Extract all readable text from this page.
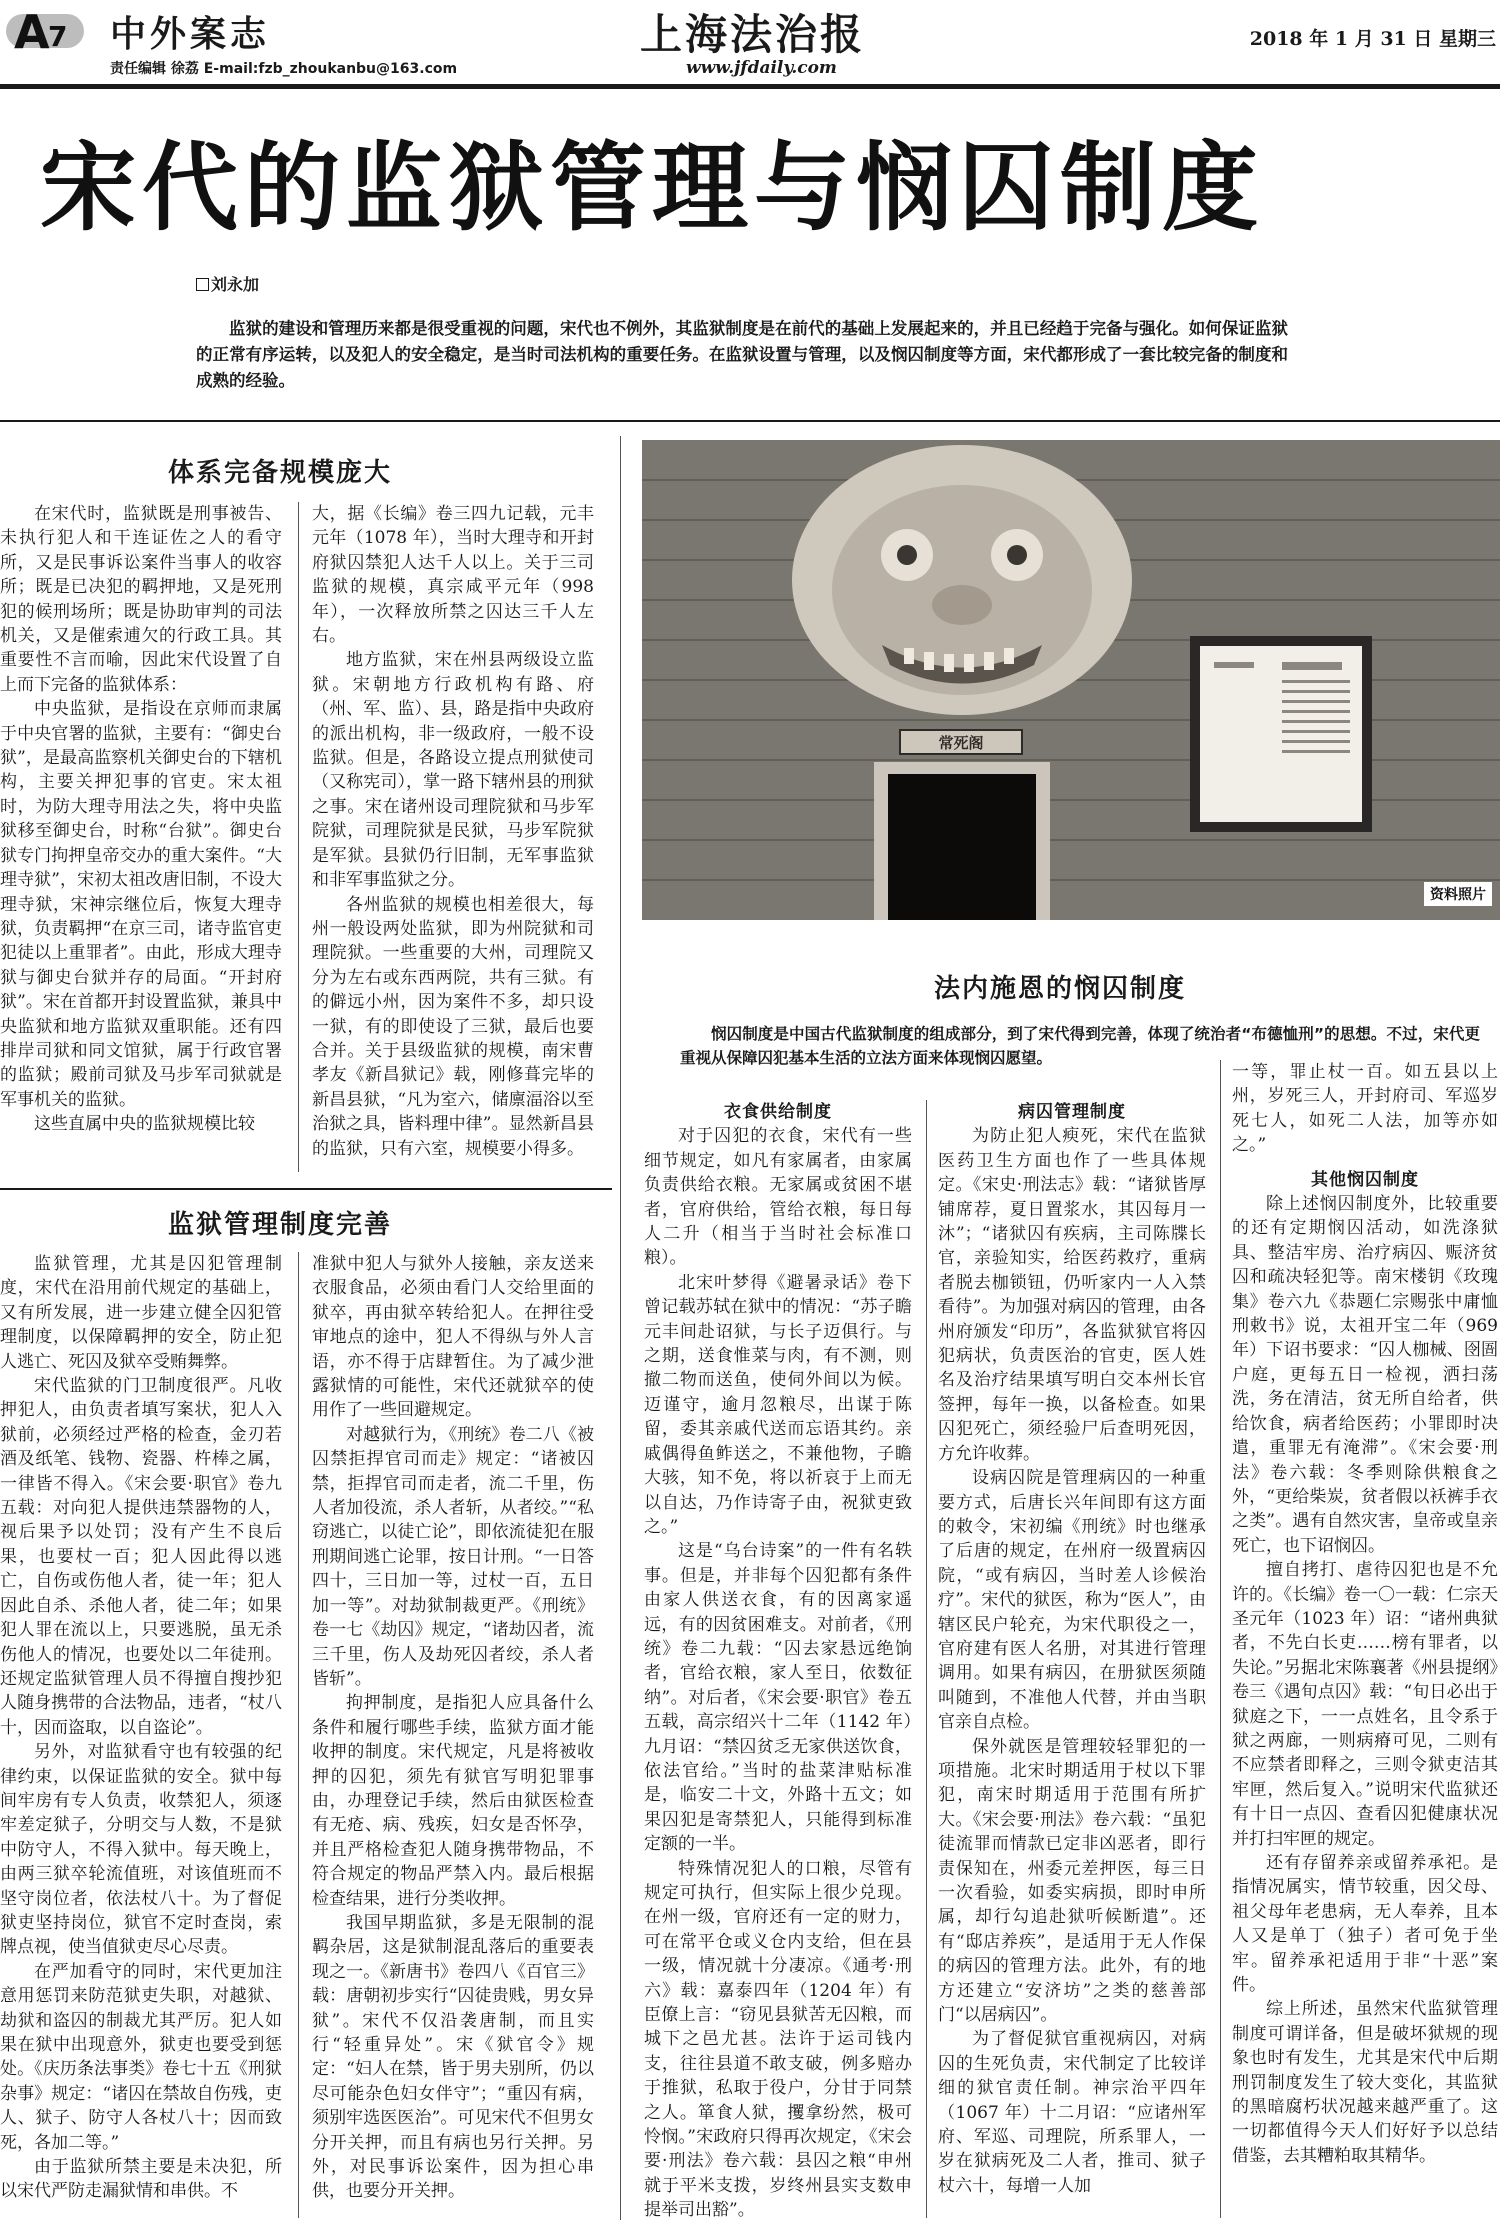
A
7 中外案志
责任编辑 徐荔 E-mail:fzb_zhoukanbu@163.com
上海法治报
www.jfdaily.com
2018 年 1 月 31 日 星期三
宋代的监狱管理与悯囚制度
刘永加

监狱的建设和管理历来都是很受重视的问题，宋代也不例外，其监狱制度是在前代的基础上发展起来的，并且已经趋于完备与强化。如何保证监狱的正常有序运转，以及犯人的安全稳定，是当时司法机构的重要任务。在监狱设置与管理，以及悯囚制度等方面，宋代都形成了一套比较完备的制度和成熟的经验。

体系完备规模庞大

在宋代时，监狱既是刑事被告、未执行犯人和干连证佐之人的看守所，又是民事诉讼案件当事人的收容所；既是已决犯的羁押地，又是死刑犯的候刑场所；既是协助审判的司法机关，又是催索逋欠的行政工具。其重要性不言而喻，因此宋代设置了自上而下完备的监狱体系：

中央监狱，是指设在京师而隶属于中央官署的监狱，主要有：“御史台狱”，是最高监察机关御史台的下辖机构，主要关押犯事的官吏。宋太祖时，为防大理寺用法之失，将中央监狱移至御史台，时称“台狱”。御史台狱专门拘押皇帝交办的重大案件。“大理寺狱”，宋初太祖改唐旧制，不设大理寺狱，宋神宗继位后，恢复大理寺狱，负责羁押“在京三司，诸寺监官吏犯徒以上重罪者”。由此，形成大理寺狱与御史台狱并存的局面。“开封府狱”。宋在首都开封设置监狱，兼具中央监狱和地方监狱双重职能。还有四排岸司狱和同文馆狱，属于行政官署的监狱；殿前司狱及马步军司狱就是军事机关的监狱。

这些直属中央的监狱规模比较

大，据《长编》卷三四九记载，元丰元年（1078 年），当时大理寺和开封府狱囚禁犯人达千人以上。关于三司监狱的规模，真宗咸平元年（998 年），一次释放所禁之囚达三千人左右。

地方监狱，宋在州县两级设立监狱。宋朝地方行政机构有路、府（州、军、监）、县，路是指中央政府的派出机构，非一级政府，一般不设监狱。但是，各路设立提点刑狱使司（又称宪司），掌一路下辖州县的刑狱之事。宋在诸州设司理院狱和马步军院狱，司理院狱是民狱，马步军院狱是军狱。县狱仍行旧制，无军事监狱和非军事监狱之分。

各州监狱的规模也相差很大，每州一般设两处监狱，即为州院狱和司理院狱。一些重要的大州，司理院又分为左右或东西两院，共有三狱。有的僻远小州，因为案件不多，却只设一狱，有的即使设了三狱，最后也要合并。关于县级监狱的规模，南宋曹孝友《新昌狱记》载，刚修葺完毕的新昌县狱，“凡为室六，储廪湢浴以至治狱之具，皆料理中律”。显然新昌县的监狱，只有六室，规模要小得多。

监狱管理制度完善

监狱管理，尤其是囚犯管理制度，宋代在沿用前代规定的基础上，又有所发展，进一步建立健全囚犯管理制度，以保障羁押的安全，防止犯人逃亡、死囚及狱卒受贿舞弊。

宋代监狱的门卫制度很严。凡收押犯人，由负责者填写案状，犯人入狱前，必须经过严格的检查，金刃若酒及纸笔、钱物、瓷器、杵棒之属，一律皆不得入。《宋会要·职官》卷九五载：对向犯人提供违禁器物的人，视后果予以处罚；没有产生不良后果，也要杖一百；犯人因此得以逃亡，自伤或伤他人者，徒一年；犯人因此自杀、杀他人者，徒二年；如果犯人罪在流以上，只要逃脱，虽无杀伤他人的情况，也要处以二年徒刑。还规定监狱管理人员不得擅自搜抄犯人随身携带的合法物品，违者，“杖八十，因而盗取，以自盗论”。

另外，对监狱看守也有较强的纪律约束，以保证监狱的安全。狱中每间牢房有专人负责，收禁犯人，须逐牢差定狱子，分明交与人数，不是狱中防守人，不得入狱中。每天晚上，由两三狱卒轮流值班，对该值班而不坚守岗位者，依法杖八十。为了督促狱吏坚持岗位，狱官不定时查岗，索牌点视，使当值狱吏尽心尽责。

在严加看守的同时，宋代更加注意用惩罚来防范狱吏失职，对越狱、劫狱和盗囚的制裁尤其严厉。犯人如果在狱中出现意外，狱吏也要受到惩处。《庆历条法事类》卷七十五《刑狱杂事》规定：“诸囚在禁故自伤残，吏人、狱子、防守人各杖八十；因而致死，各加二等。”

由于监狱所禁主要是未决犯，所以宋代严防走漏狱情和串供。不

准狱中犯人与狱外人接触，亲友送来衣服食品，必须由看门人交给里面的狱卒，再由狱卒转给犯人。在押往受审地点的途中，犯人不得纵与外人言语，亦不得于店肆暂住。为了减少泄露狱情的可能性，宋代还就狱卒的使用作了一些回避规定。

对越狱行为，《刑统》卷二八《被囚禁拒捍官司而走》规定：“诸被囚禁，拒捍官司而走者，流二千里，伤人者加役流，杀人者斩，从者绞。”“私窃逃亡，以徒亡论”，即依流徒犯在服刑期间逃亡论罪，按日计刑。“一日答四十，三日加一等，过杖一百，五日加一等”。对劫狱制裁更严。《刑统》卷一七《劫囚》规定，“诸劫囚者，流三千里，伤人及劫死囚者绞，杀人者皆斩”。

拘押制度，是指犯人应具备什么条件和履行哪些手续，监狱方面才能收押的制度。宋代规定，凡是将被收押的囚犯，须先有狱官写明犯罪事由，办理登记手续，然后由狱医检查有无疮、病、残疾，妇女是否怀孕，并且严格检查犯人随身携带物品，不符合规定的物品严禁入内。最后根据检查结果，进行分类收押。

我国早期监狱，多是无限制的混羁杂居，这是狱制混乱落后的重要表现之一。《新唐书》卷四八《百官三》载：唐朝初步实行“囚徒贵贱，男女异狱”。宋代不仅沿袭唐制，而且实行“轻重异处”。宋《狱官令》规定：“妇人在禁，皆于男夫别所，仍以尽可能杂色妇女伴守”；“重囚有病，须别牢选医医治”。可见宋代不但男女分开关押，而且有病也另行关押。另外，对民事诉讼案件，因为担心串供，也要分开关押。

常死阁
资料照片
法内施恩的悯囚制度

悯囚制度是中国古代监狱制度的组成部分，到了宋代得到完善，体现了统治者“布德恤刑”的思想。不过，宋代更重视从保障囚犯基本生活的立法方面来体现悯囚愿望。

衣食供给制度

对于囚犯的衣食，宋代有一些细节规定，如凡有家属者，由家属负责供给衣粮。无家属或贫困不堪者，官府供给，管给衣粮，每日每人二升（相当于当时社会标准口粮）。

北宋叶梦得《避暑录话》卷下曾记载苏轼在狱中的情况：“苏子瞻元丰间赴诏狱，与长子迈俱行。与之期，送食惟菜与肉，有不测，则撤二物而送鱼，使伺外间以为候。迈谨守，逾月忽粮尽，出谋于陈留，委其亲戚代送而忘语其约。亲戚偶得鱼鲊送之，不兼他物，子瞻大骇，知不免，将以祈哀于上而无以自达，乃作诗寄子由，祝狱吏致之。”

这是“乌台诗案”的一件有名轶事。但是，并非每个囚犯都有条件由家人供送衣食，有的因离家遥远，有的因贫困难支。对前者，《刑统》卷二九载：“囚去家悬远绝饷者，官给衣粮，家人至日，依数征纳”。对后者，《宋会要·职官》卷五五载，高宗绍兴十二年（1142 年）九月诏：“禁囚贫乏无家供送饮食，依法官给。”当时的盐菜津贴标准是，临安二十文，外路十五文；如果囚犯是寄禁犯人，只能得到标准定额的一半。

特殊情况犯人的口粮，尽管有规定可执行，但实际上很少兑现。在州一级，官府还有一定的财力，可在常平仓或义仓内支给，但在县一级，情况就十分凄凉。《通考·刑六》载：嘉泰四年（1204 年）有臣僚上言：“窃见县狱苦无囚粮，而城下之邑尤甚。法许于运司钱内支，往往县道不敢支破，例多赔办于推狱，私取于役户，分甘于同禁之人。箪食人狱，攫拿纷然，极可怜悯。”宋政府只得再次规定，《宋会要·刑法》卷六载：县囚之粮“申州就于平米支拨，岁终州县实支数申提举司出豁”。

病囚管理制度

为防止犯人瘐死，宋代在监狱医药卫生方面也作了一些具体规定。《宋史·刑法志》载：“诸狱皆厚铺席荐，夏日置浆水，其囚每月一沐”；“诸狱囚有疾病，主司陈牒长官，亲验知实，给医药救疗，重病者脱去枷锁钮，仍听家内一人入禁看待”。为加强对病囚的管理，由各州府颁发“印历”，各监狱狱官将囚犯病状，负责医治的官吏，医人姓名及治疗结果填写明白交本州长官签押，每年一换，以备检查。如果囚犯死亡，须经验尸后查明死因，方允许收葬。

设病囚院是管理病囚的一种重要方式，后唐长兴年间即有这方面的敕令，宋初编《刑统》时也继承了后唐的规定，在州府一级置病囚院，“或有病囚，当时差人诊候治疗”。宋代的狱医，称为“医人”，由辖区民户轮充，为宋代职役之一，官府建有医人名册，对其进行管理调用。如果有病囚，在册狱医须随叫随到，不准他人代替，并由当职官亲自点检。

保外就医是管理较轻罪犯的一项措施。北宋时期适用于杖以下罪犯，南宋时期适用于范围有所扩大。《宋会要·刑法》卷六载：“虽犯徒流罪而情款已定非凶恶者，即行责保知在，州委元差押医，每三日一次看验，如委实病损，即时申所属，却行勾追赴狱听候断遣”。还有“邸店养疾”，是适用于无人作保的病囚的管理方法。此外，有的地方还建立“安济坊”之类的慈善部门“以居病囚”。

为了督促狱官重视病囚，对病囚的生死负责，宋代制定了比较详细的狱官责任制。神宗治平四年（1067 年）十二月诏：“应诸州军府、军巡、司理院，所系罪人，一岁在狱病死及二人者，推司、狱子杖六十，每增一人加

一等，罪止杖一百。如五县以上州，岁死三人，开封府司、军巡岁死七人，如死二人法，加等亦如之。”

其他悯囚制度

除上述悯囚制度外，比较重要的还有定期悯囚活动，如洗涤狱具、整洁牢房、治疗病囚、赈济贫囚和疏决轻犯等。南宋楼钥《玫瑰集》卷六九《恭题仁宗赐张中庸恤刑敕书》说，太祖开宝二年（969 年）下诏书要求：“囚人枷械、囹圄户庭，更每五日一检视，洒扫荡洗，务在清洁，贫无所自给者，供给饮食，病者给医药；小罪即时决遣，重罪无有淹滞”。《宋会要·刑法》卷六载：冬季则除供粮食之外，“更给柴炭，贫者假以袄裤手衣之类”。遇有自然灾害，皇帝或皇亲死亡，也下诏悯囚。

擅自拷打、虐待囚犯也是不允许的。《长编》卷一〇一载：仁宗天圣元年（1023 年）诏：“诸州典狱者，不先白长吏……榜有罪者，以失论。”另据北宋陈襄著《州县提纲》卷三《遇旬点囚》载：“旬日必出于狱庭之下，一一点姓名，且令系于狱之两廊，一则病瘠可见，二则有不应禁者即释之，三则令狱吏洁其牢匣，然后复入。”说明宋代监狱还有十日一点囚、查看囚犯健康状况并打扫牢匣的规定。

还有存留养亲或留养承祀。是指情况属实，情节较重，因父母、祖父母年老患病，无人奉养，且本人又是单丁（独子）者可免于坐牢。留养承祀适用于非“十恶”案件。

综上所述，虽然宋代监狱管理制度可谓详备，但是破坏狱规的现象也时有发生，尤其是宋代中后期刑罚制度发生了较大变化，其监狱的黑暗腐朽状况越来越严重了。这一切都值得今天人们好好予以总结借鉴，去其糟粕取其精华。
